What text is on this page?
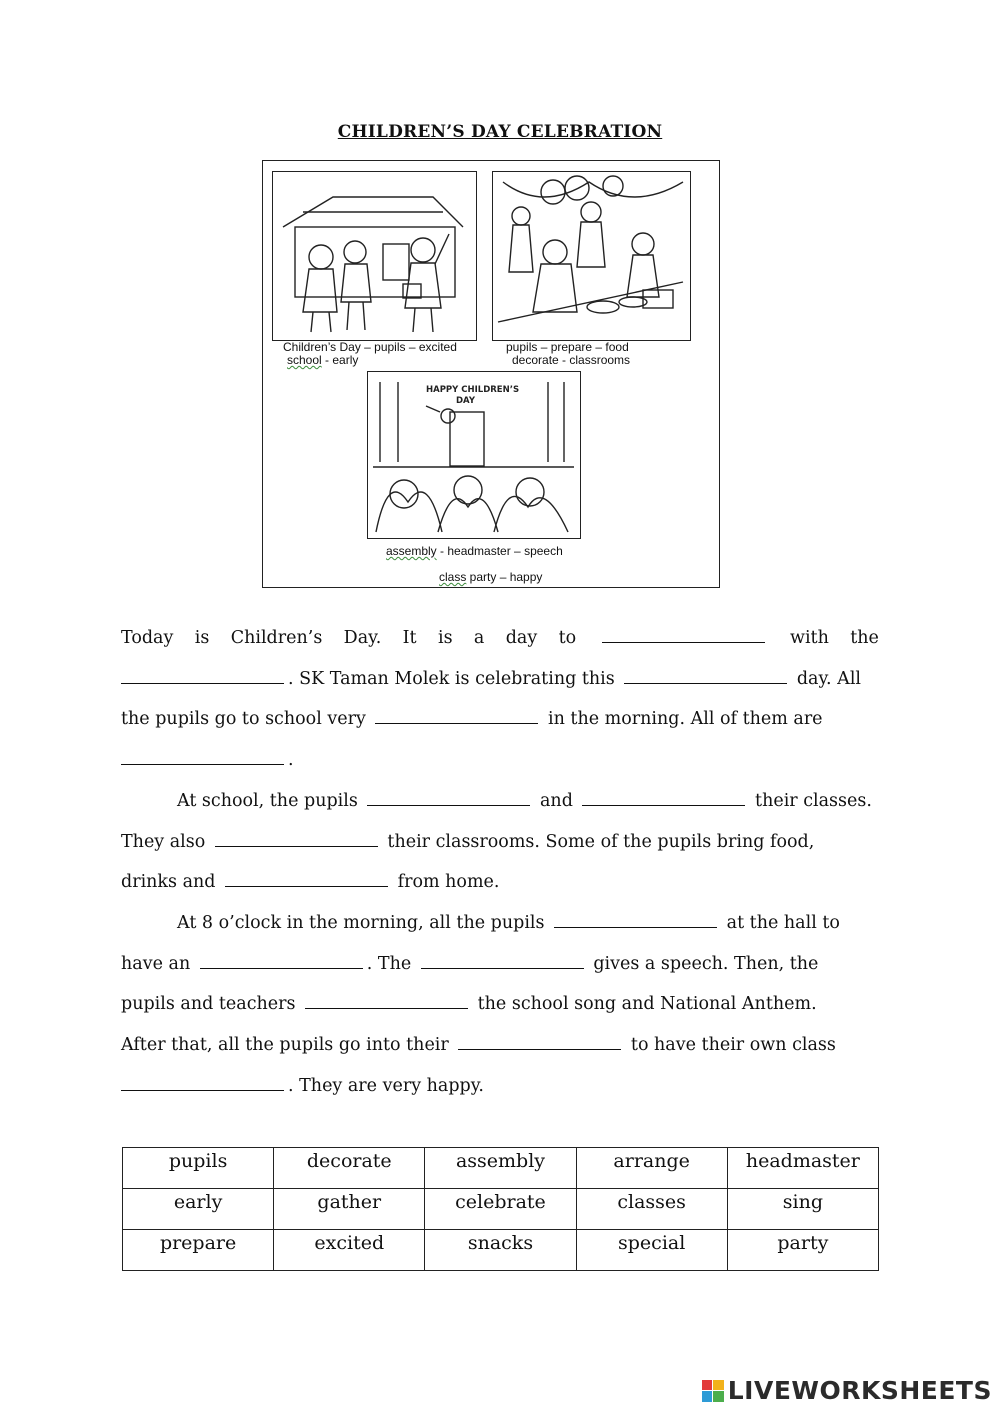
CHILDREN’S DAY CELEBRATION
Children’s Day – pupils – excited
school - early
pupils – prepare – food
decorate - classrooms
HAPPY CHILDREN’S
DAY
assembly - headmaster – speech
class party – happy
Today is Children’s Day. It is a day to	with the
. SK Taman Molek is celebrating this	day. All
the pupils go to school very	in the morning. All of them are
.
At school, the pupils	and	their classes.
They also	their classrooms. Some of the pupils bring food,
drinks and	from home.
At 8 o’clock in the morning, all the pupils	at the hall to
have an	. The	gives a speech. Then, the
pupils and teachers	the school song and National Anthem.
After that, all the pupils go into their	to have their own class
. They are very happy.
pupils	decorate	assembly	arrange	headmaster
early	gather	celebrate	classes	sing
prepare	excited	snacks	special	party
LIVEWORKSHEETS
